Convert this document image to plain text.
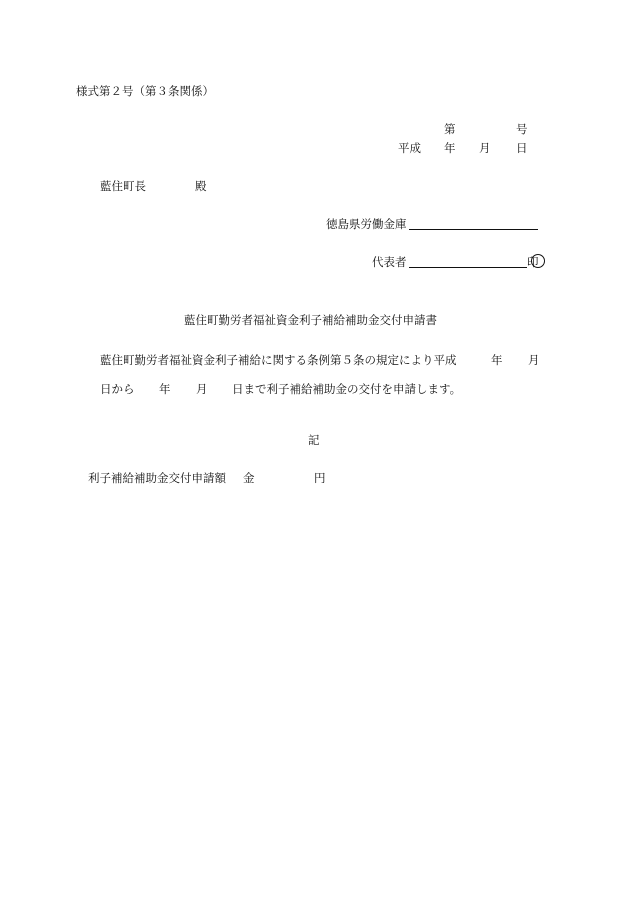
様式第２号（第３条関係）
第	号
平成 年 月 日
藍住町長	殿
徳島県労働金庫
代表者	印
藍住町勤労者福祉資金利子補給補助金交付申請書
藍住町勤労者福祉資金利子補給に関する条例第５条の規定により平成	年 月
日から 年 月 日まで利子補給補助金の交付を申請します。
記
利子補給補助金交付申請額 金	円
